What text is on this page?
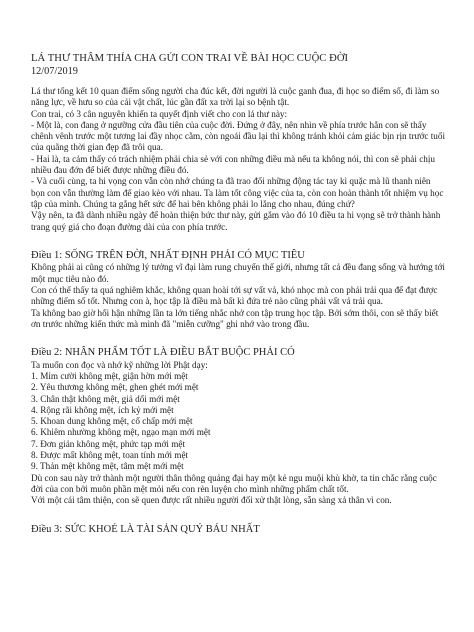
LÁ THƯ THÂM THÍA CHA GỬI CON TRAI VỀ BÀI HỌC CUỘC ĐỜI
12/07/2019

Lá thư tổng kết 10 quan điểm sống người cha đúc kết, đời người là cuộc ganh đua, đi học so điểm số, đi làm so năng lực, về hưu so của cải vật chất, lúc gần đất xa trời lại so bệnh tật.

Con trai, có 3 cân nguyên khiến ta quyết định viết cho con lá thư này:

- Một là, con đang ở ngưỡng cửa đầu tiên của cuộc đời. Đứng ở đây, nên nhìn về phía trước hẳn con sẽ thấy chênh vênh trước một tương lai đầy nhọc cằm, còn ngoái đầu lại thì không tránh khỏi cảm giác bịn rịn trước tuổi của quãng thời gian đẹp đã trôi qua.

- Hai là, ta cảm thấy có trách nhiệm phải chia sẻ với con những điều mà nếu ta không nói, thì con sẽ phải chịu nhiều đau đớn để biết được những điều đó.

- Và cuối cùng, ta hi vọng con vẫn còn nhớ chúng ta đã trao đổi những động tác tay kì quặc mà lũ thanh niên bọn con vẫn thường làm để giao kèo với nhau. Ta làm tốt công việc của ta, còn con hoàn thành tốt nhiệm vụ học tập của mình. Chúng ta gắng hết sức để hai bên không phải lo lắng cho nhau, đúng chứ?

Vậy nên, ta đã dành nhiều ngày để hoàn thiện bức thư này, gửi gắm vào đó 10 điều ta hi vọng sẽ trở thành hành trang quý giá cho đoạn đường dài của con phía trước.

Điều 1: SỐNG TRÊN ĐỜI, NHẤT ĐỊNH PHẢI CÓ MỤC TIÊU

Không phải ai cũng có những lý tưởng vĩ đại làm rung chuyển thế giới, nhưng tất cả đều đang sống và hướng tới một mục tiêu nào đó.

Con có thể thấy ta quá nghiêm khắc, không quan hoài tới sự vất vả, khó nhọc mà con phải trải qua để đạt được những điểm số tốt. Nhưng con à, học tập là điều mà bất kì đứa trẻ nào cũng phải vất vả trải qua.

Ta không bao giờ hối hận những lần ta lớn tiếng nhắc nhở con tập trung học tập. Bởi sớm thôi, con sẽ thấy biết ơn trước những kiến thức mà mình đã "miễn cưỡng" ghi nhớ vào trong đầu.

Điều 2: NHÂN PHẨM TỐT LÀ ĐIỀU BẮT BUỘC PHẢI CÓ

Ta muốn con đọc và nhớ kỹ những lời Phật dạy:

1. Mỉm cười không mệt, giận hờn mới mệt

2. Yêu thương không mệt, ghen ghét mới mệt

3. Chân thật không mệt, giả dối mới mệt

4. Rộng rãi không mệt, ích kỷ mới mệt

5. Khoan dung không mệt, cố chấp mới mệt

6. Khiêm nhường không mệt, ngạo mạn mới mệt

7. Đơn giản không mệt, phức tạp mới mệt

8. Được mất không mệt, toan tính mới mệt

9. Thản mệt không mệt, tâm mệt mới mệt

Dù con sau này trở thành một người thân thông quảng đại hay một kẻ ngu muội khù khờ, ta tin chắc rằng cuộc đời của con bởi muôn phần mệt mỏi nếu con rèn luyện cho mình những phẩm chất tốt.

Với một cái tâm thiện, con sẽ quen được rất nhiều người đối xử thật lòng, sẵn sàng xả thân vì con.

Điều 3: SỨC KHOẺ LÀ TÀI SẢN QUÝ BÁU NHẤT
